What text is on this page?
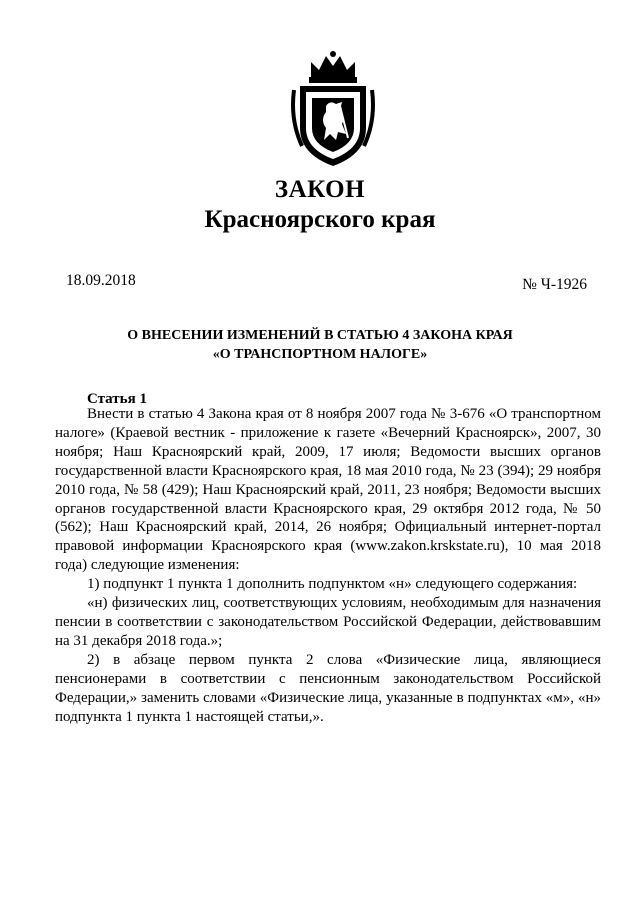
ЗАКОН
Красноярского края
18.09.2018	№ Ч-1926
О ВНЕСЕНИИ ИЗМЕНЕНИЙ В СТАТЬЮ 4 ЗАКОНА КРАЯ
«О ТРАНСПОРТНОМ НАЛОГЕ»
Статья 1

Внести в статью 4 Закона края от 8 ноября 2007 года № 3-676 «О транспортном налоге» (Краевой вестник - приложение к газете «Вечерний Красноярск», 2007, 30 ноября; Наш Красноярский край, 2009, 17 июля; Ведомости высших органов государственной власти Красноярского края, 18 мая 2010 года, № 23 (394); 29 ноября 2010 года, № 58 (429); Наш Красноярский край, 2011, 23 ноября; Ведомости высших органов государственной власти Красноярского края, 29 октября 2012 года, № 50 (562); Наш Красноярский край, 2014, 26 ноября; Официальный интернет-портал правовой информации Красноярского края (www.zakon.krskstate.ru), 10 мая 2018 года) следующие изменения:

1) подпункт 1 пункта 1 дополнить подпунктом «н» следующего содержания:

«н) физических лиц, соответствующих условиям, необходимым для назначения пенсии в соответствии с законодательством Российской Федерации, действовавшим на 31 декабря 2018 года.»;

2) в абзаце первом пункта 2 слова «Физические лица, являющиеся пенсионерами в соответствии с пенсионным законодательством Российской Федерации,» заменить словами «Физические лица, указанные в подпунктах «м», «н» подпункта 1 пункта 1 настоящей статьи,».
